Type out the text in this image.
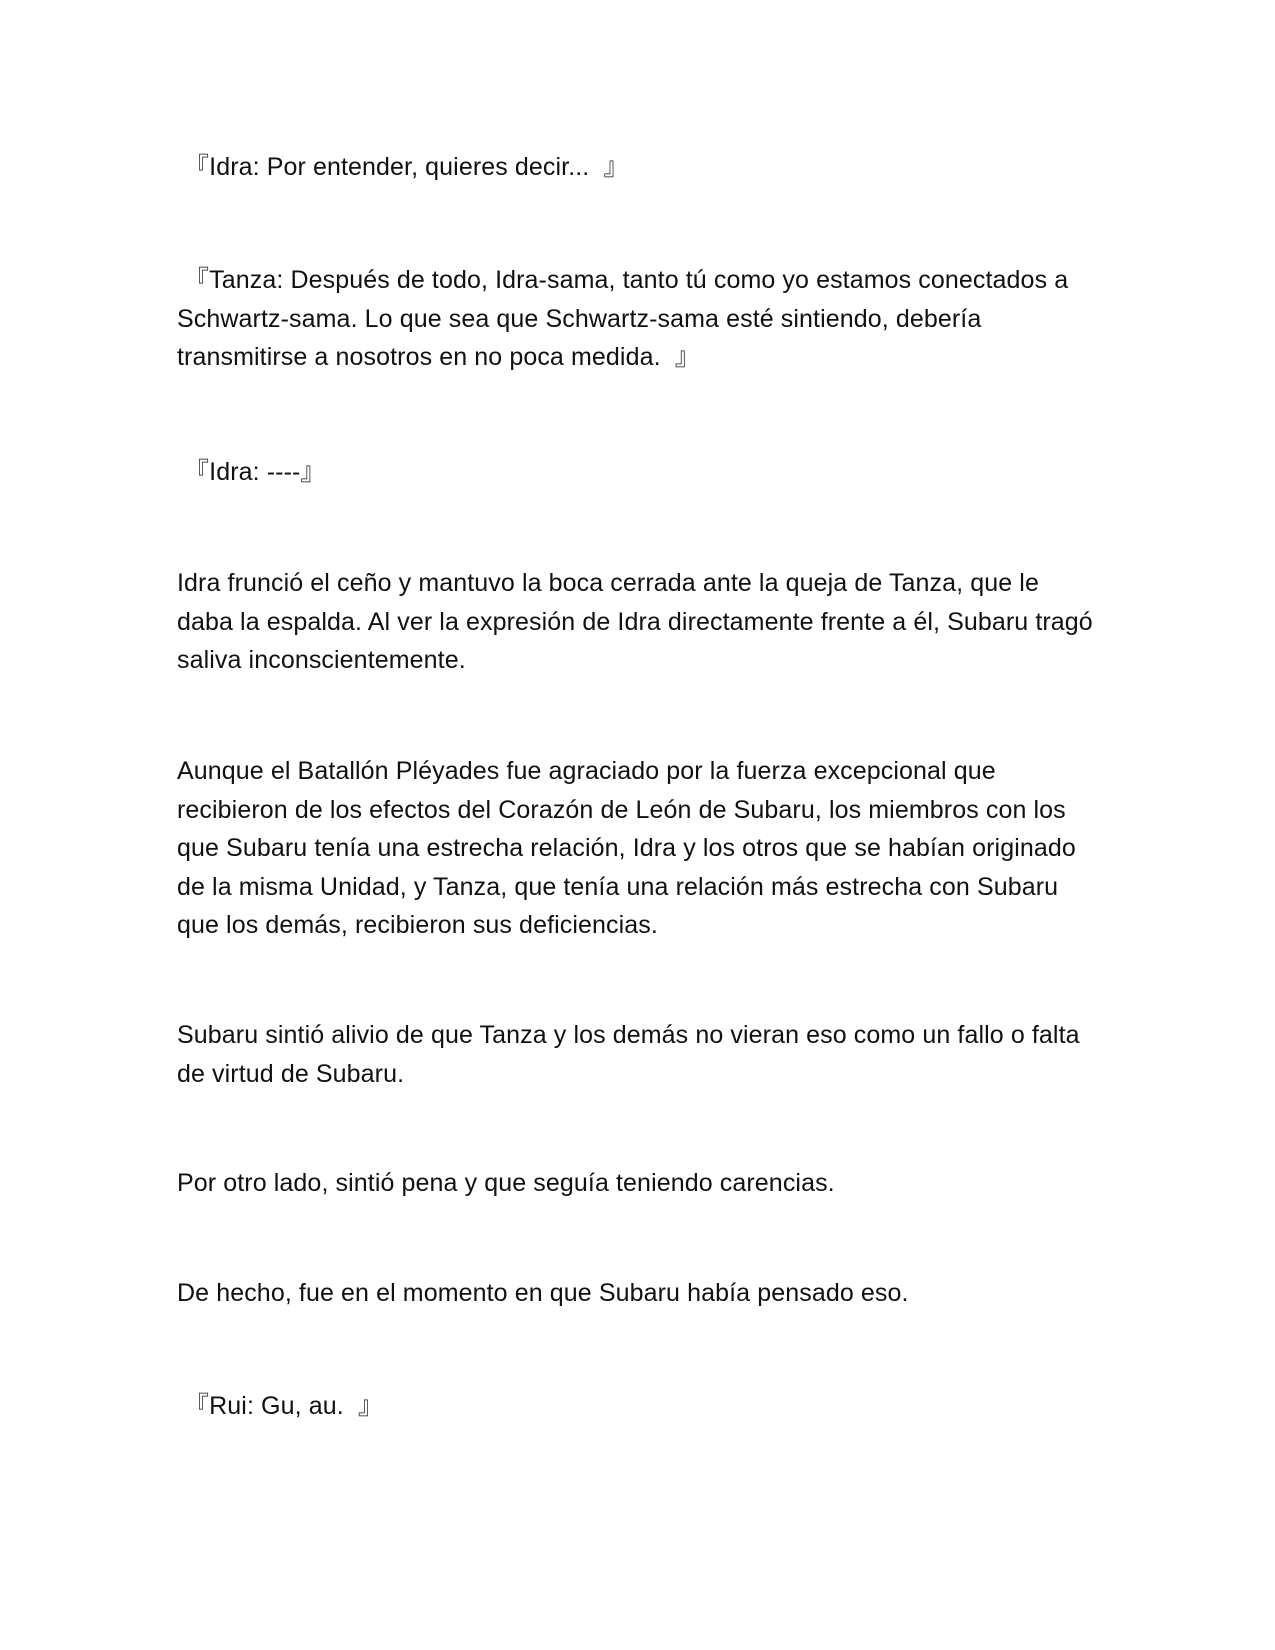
『Idra: Por entender, quieres decir...  』

『Tanza: Después de todo, Idra-sama, tanto tú como yo estamos conectados a Schwartz-sama. Lo que sea que Schwartz-sama esté sintiendo, debería transmitirse a nosotros en no poca medida.  』

『Idra: ----』

Idra frunció el ceño y mantuvo la boca cerrada ante la queja de Tanza, que le daba la espalda. Al ver la expresión de Idra directamente frente a él, Subaru tragó saliva inconscientemente.

Aunque el Batallón Pléyades fue agraciado por la fuerza excepcional que recibieron de los efectos del Corazón de León de Subaru, los miembros con los que Subaru tenía una estrecha relación, Idra y los otros que se habían originado de la misma Unidad, y Tanza, que tenía una relación más estrecha con Subaru que los demás, recibieron sus deficiencias.

Subaru sintió alivio de que Tanza y los demás no vieran eso como un fallo o falta de virtud de Subaru.

Por otro lado, sintió pena y que seguía teniendo carencias.

De hecho, fue en el momento en que Subaru había pensado eso.

『Rui: Gu, au.  』
